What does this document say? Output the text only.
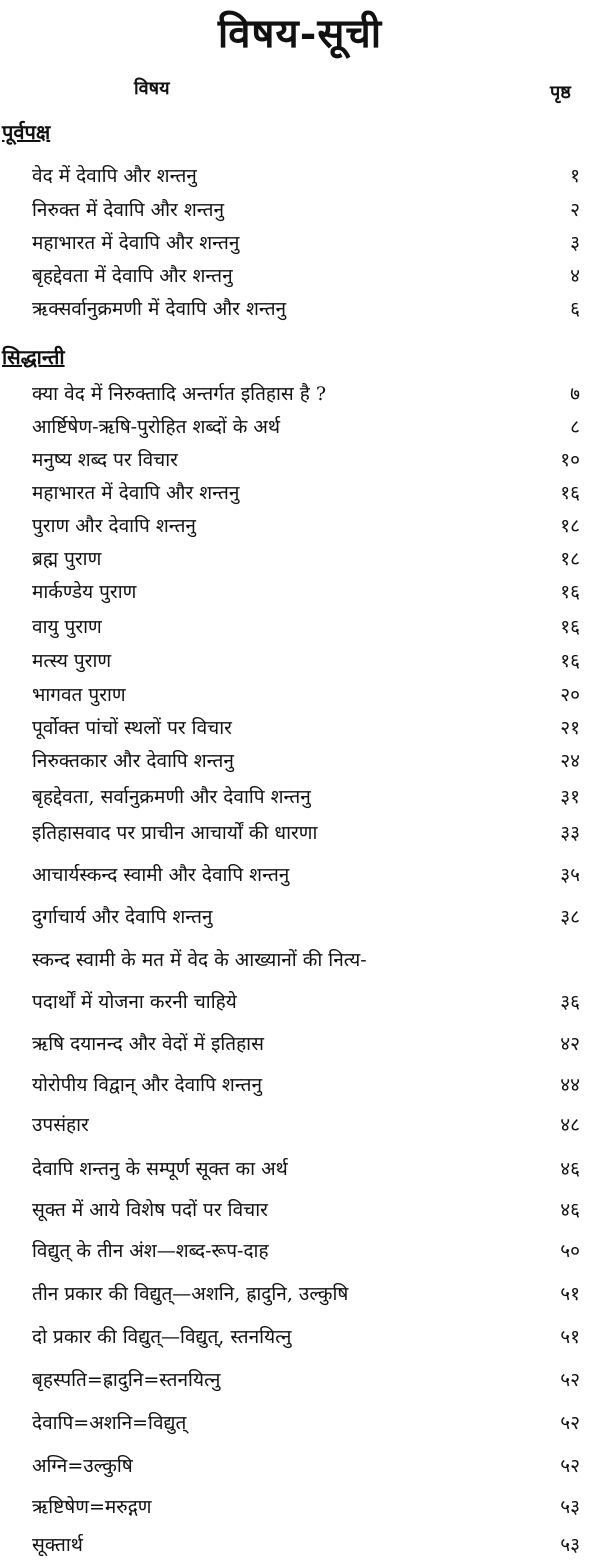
विषय-सूची
विषय	पृष्ठ
पूर्वपक्ष
वेद में देवापि और शन्तनु	१
निरुक्त में देवापि और शन्तनु	२
महाभारत में देवापि और शन्तनु	३
बृहद्देवता में देवापि और शन्तनु	४
ऋक्सर्वानुक्रमणी में देवापि और शन्तनु	६
सिद्धान्ती
क्या वेद में निरुक्तादि अन्तर्गत इतिहास है ?	७
आर्ष्टिषेण-ऋषि-पुरोहित शब्दों के अर्थ	८
मनुष्य शब्द पर विचार	१०
महाभारत में देवापि और शन्तनु	१६
पुराण और देवापि शन्तनु	१८
ब्रह्म पुराण	१८
मार्कण्डेय पुराण	१६
वायु पुराण	१६
मत्स्य पुराण	१६
भागवत पुराण	२०
पूर्वोक्त पांचों स्थलों पर विचार	२१
निरुक्तकार और देवापि शन्तनु	२४
बृहद्देवता, सर्वानुक्रमणी और देवापि शन्तनु	३१
इतिहासवाद पर प्राचीन आचार्यों की धारणा	३३
आचार्यस्कन्द स्वामी और देवापि शन्तनु	३५
दुर्गाचार्य और देवापि शन्तनु	३८
स्कन्द स्वामी के मत में वेद के आख्यानों की नित्य-
पदार्थों में योजना करनी चाहिये	३६
ऋषि दयानन्द और वेदों में इतिहास	४२
योरोपीय विद्वान् और देवापि शन्तनु	४४
उपसंहार	४८
देवापि शन्तनु के सम्पूर्ण सूक्त का अर्थ	४६
सूक्त में आये विशेष पदों पर विचार	४६
विद्युत् के तीन अंश—शब्द-रूप-दाह	५०
तीन प्रकार की विद्युत्—अशनि, ह्रादुनि, उल्कुषि	५१
दो प्रकार की विद्युत्—विद्युत्, स्तनयित्नु	५१
बृहस्पति=ह्रादुनि=स्तनयित्नु	५२
देवापि=अशनि=विद्युत्	५२
अग्नि=उल्कुषि	५२
ऋष्टिषेण=मरुद्गण	५३
सूक्तार्थ	५३
